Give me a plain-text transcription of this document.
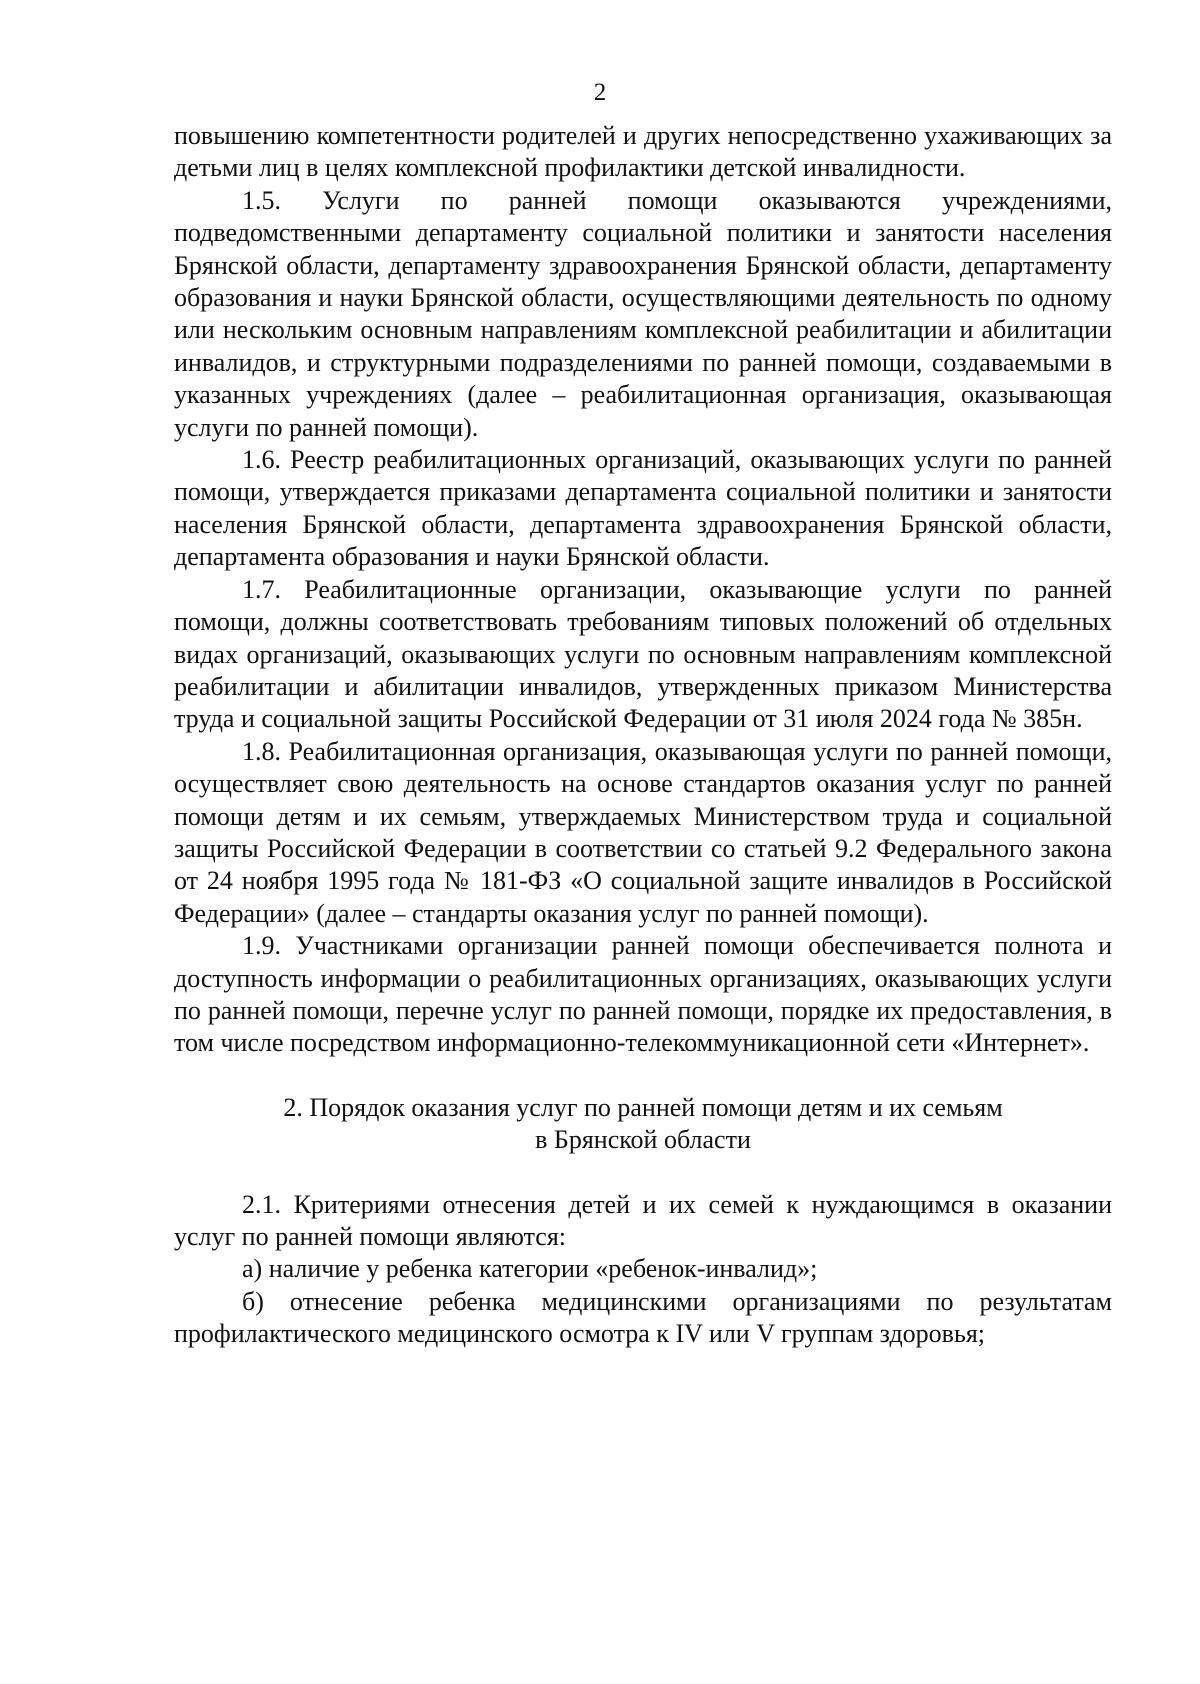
2

повышению компетентности родителей и других непосредственно ухаживающих за детьми лиц в целях комплексной профилактики детской инвалидности.

1.5. Услуги по ранней помощи оказываются учреждениями, подведомственными департаменту социальной политики и занятости населения Брянской области, департаменту здравоохранения Брянской области, департаменту образования и науки Брянской области, осуществляющими деятельность по одному или нескольким основным направлениям комплексной реабилитации и абилитации инвалидов, и структурными подразделениями по ранней помощи, создаваемыми в указанных учреждениях (далее – реабилитационная организация, оказывающая услуги по ранней помощи).

1.6. Реестр реабилитационных организаций, оказывающих услуги по ранней помощи, утверждается приказами департамента социальной политики и занятости населения Брянской области, департамента здравоохранения Брянской области, департамента образования и науки Брянской области.

1.7. Реабилитационные организации, оказывающие услуги по ранней помощи, должны соответствовать требованиям типовых положений об отдельных видах организаций, оказывающих услуги по основным направлениям комплексной реабилитации и абилитации инвалидов, утвержденных приказом Министерства труда и социальной защиты Российской Федерации от 31 июля 2024 года № 385н.

1.8. Реабилитационная организация, оказывающая услуги по ранней помощи, осуществляет свою деятельность на основе стандартов оказания услуг по ранней помощи детям и их семьям, утверждаемых Министерством труда и социальной защиты Российской Федерации в соответствии со статьей 9.2 Федерального закона от 24 ноября 1995 года № 181-ФЗ «О социальной защите инвалидов в Российской Федерации» (далее – стандарты оказания услуг по ранней помощи).

1.9. Участниками организации ранней помощи обеспечивается полнота и доступность информации о реабилитационных организациях, оказывающих услуги по ранней помощи, перечне услуг по ранней помощи, порядке их предоставления, в том числе посредством информационно-телекоммуникационной сети «Интернет».

2. Порядок оказания услуг по ранней помощи детям и их семьям
в Брянской области

2.1. Критериями отнесения детей и их семей к нуждающимся в оказании услуг по ранней помощи являются:

а) наличие у ребенка категории «ребенок-инвалид»;

б) отнесение ребенка медицинскими организациями по результатам профилактического медицинского осмотра к IV или V группам здоровья;
